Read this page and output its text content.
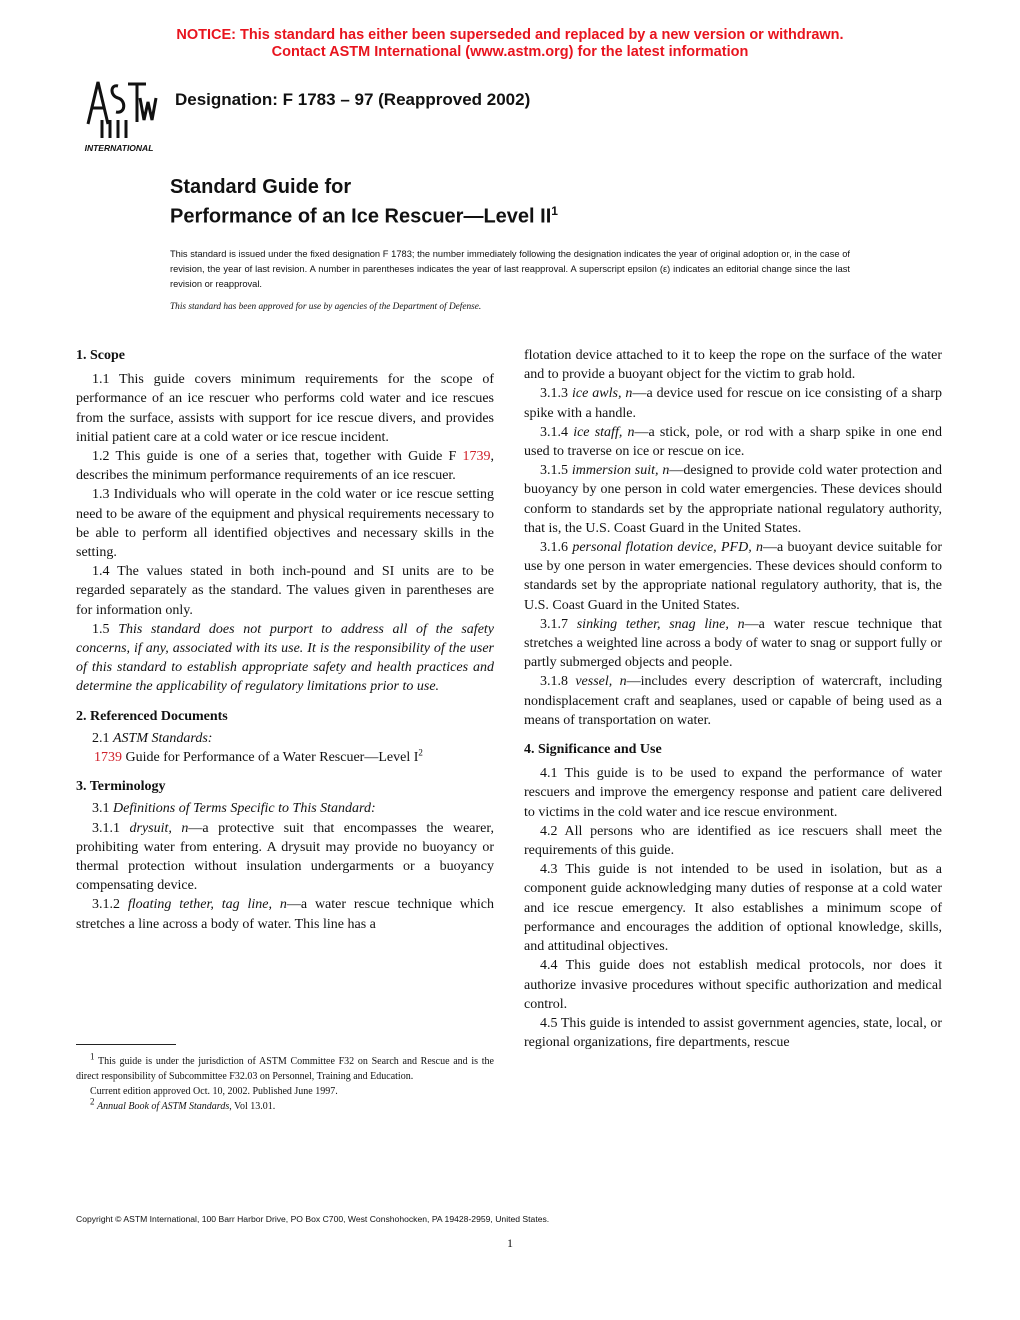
NOTICE: This standard has either been superseded and replaced by a new version or withdrawn.
Contact ASTM International (www.astm.org) for the latest information
INTERNATIONAL
Designation: F 1783 – 97 (Reapproved 2002)
Standard Guide for
Performance of an Ice Rescuer—Level $II^1$
This standard is issued under the fixed designation F 1783; the number immediately following the designation indicates the year of original adoption or, in the case of revision, the year of last revision. A number in parentheses indicates the year of last reapproval. A superscript epsilon (ε) indicates an editorial change since the last revision or reapproval.
This standard has been approved for use by agencies of the Department of Defense.
1. Scope

1.1 This guide covers minimum requirements for the scope of performance of an ice rescuer who performs cold water and ice rescues from the surface, assists with support for ice rescue divers, and provides initial patient care at a cold water or ice rescue incident.

1.2 This guide is one of a series that, together with Guide F 1739, describes the minimum performance requirements of an ice rescuer.

1.3 Individuals who will operate in the cold water or ice rescue setting need to be aware of the equipment and physical requirements necessary to be able to perform all identified objectives and necessary skills in the setting.

1.4 The values stated in both inch-pound and SI units are to be regarded separately as the standard. The values given in parentheses are for information only.

1.5 This standard does not purport to address all of the safety concerns, if any, associated with its use. It is the responsibility of the user of this standard to establish appropriate safety and health practices and determine the applicability of regulatory limitations prior to use.

2. Referenced Documents

2.1 ASTM Standards:

1739 Guide for Performance of a Water Rescuer—Level $I^2$

3. Terminology

3.1 Definitions of Terms Specific to This Standard:

3.1.1 drysuit, n—a protective suit that encompasses the wearer, prohibiting water from entering. A drysuit may provide no buoyancy or thermal protection without insulation undergarments or a buoyancy compensating device.

3.1.2 floating tether, tag line, n—a water rescue technique which stretches a line across a body of water. This line has a

flotation device attached to it to keep the rope on the surface of the water and to provide a buoyant object for the victim to grab hold.

3.1.3 ice awls, n—a device used for rescue on ice consisting of a sharp spike with a handle.

3.1.4 ice staff, n—a stick, pole, or rod with a sharp spike in one end used to traverse on ice or rescue on ice.

3.1.5 immersion suit, n—designed to provide cold water protection and buoyancy by one person in cold water emergencies. These devices should conform to standards set by the appropriate national regulatory authority, that is, the U.S. Coast Guard in the United States.

3.1.6 personal flotation device, PFD, n—a buoyant device suitable for use by one person in water emergencies. These devices should conform to standards set by the appropriate national regulatory authority, that is, the U.S. Coast Guard in the United States.

3.1.7 sinking tether, snag line, n—a water rescue technique that stretches a weighted line across a body of water to snag or support fully or partly submerged objects and people.

3.1.8 vessel, n—includes every description of watercraft, including nondisplacement craft and seaplanes, used or capable of being used as a means of transportation on water.

4. Significance and Use

4.1 This guide is to be used to expand the performance of water rescuers and improve the emergency response and patient care delivered to victims in the cold water and ice rescue environment.

4.2 All persons who are identified as ice rescuers shall meet the requirements of this guide.

4.3 This guide is not intended to be used in isolation, but as a component guide acknowledging many duties of response at a cold water and ice rescue emergency. It also establishes a minimum scope of performance and encourages the addition of optional knowledge, skills, and attitudinal objectives.

4.4 This guide does not establish medical protocols, nor does it authorize invasive procedures without specific authorization and medical control.

4.5 This guide is intended to assist government agencies, state, local, or regional organizations, fire departments, rescue

1 This guide is under the jurisdiction of ASTM Committee F32 on Search and Rescue and is the direct responsibility of Subcommittee F32.03 on Personnel, Training and Education.

Current edition approved Oct. 10, 2002. Published June 1997.

2 Annual Book of ASTM Standards, Vol 13.01.

Copyright © ASTM International, 100 Barr Harbor Drive, PO Box C700, West Conshohocken, PA 19428-2959, United States.
1
